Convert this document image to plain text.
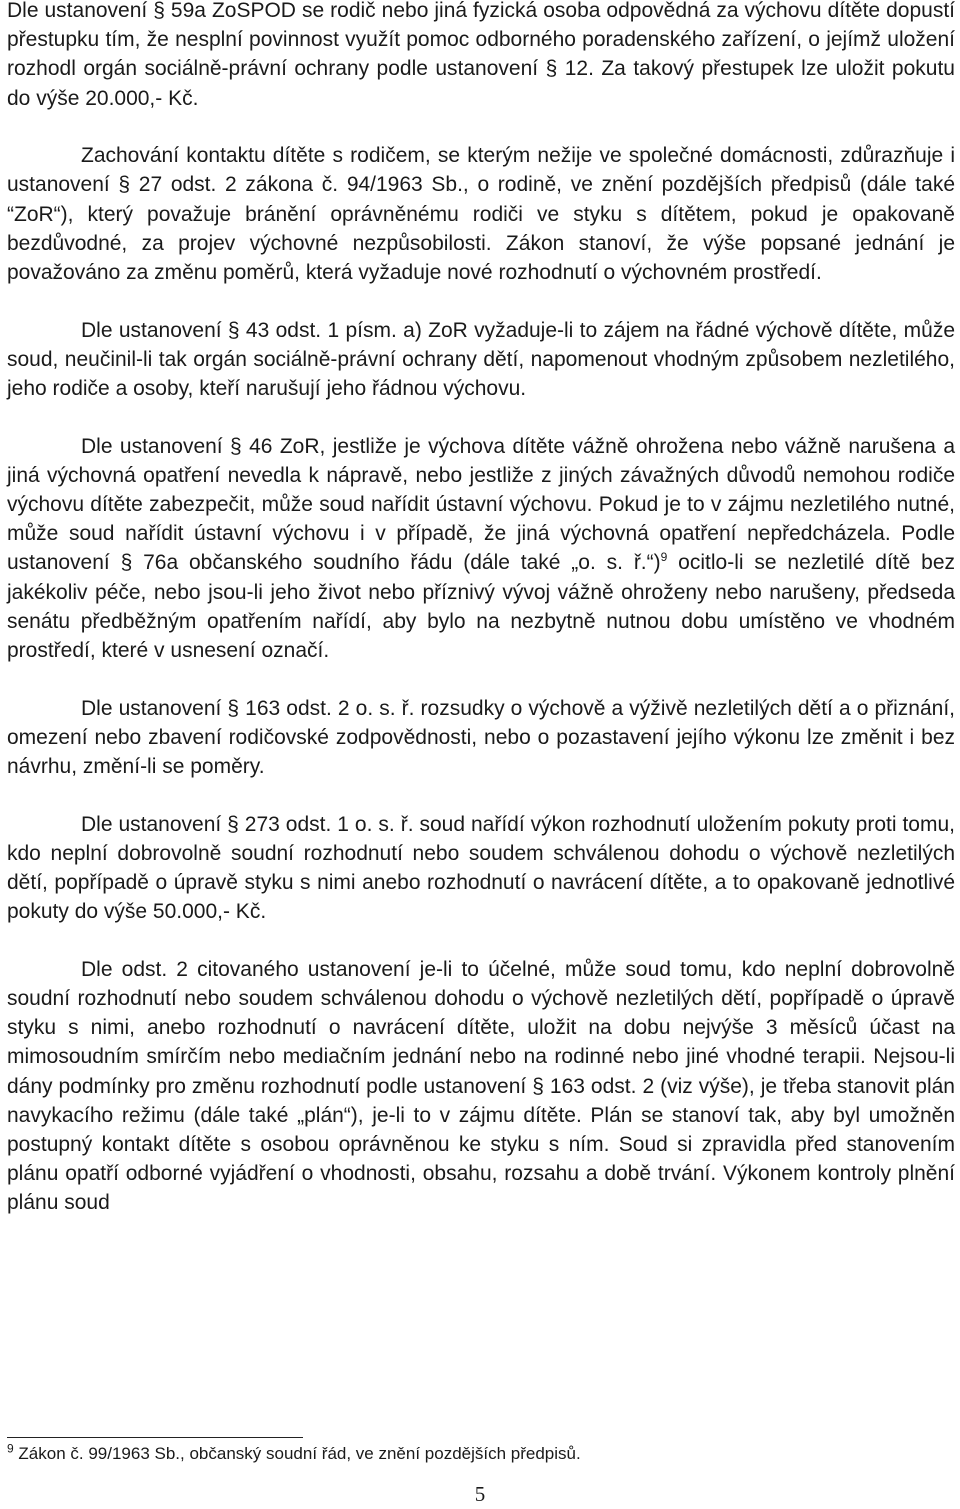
Dle ustanovení § 59a ZoSPOD se rodič nebo jiná fyzická osoba odpovědná za výchovu dítěte dopustí přestupku tím, že nesplní povinnost využít pomoc odborného poradenského zařízení, o jejímž uložení rozhodl orgán sociálně-právní ochrany podle ustanovení § 12. Za takový přestupek lze uložit pokutu do výše 20.000,- Kč.

Zachování kontaktu dítěte s rodičem, se kterým nežije ve společné domácnosti, zdůrazňuje i ustanovení § 27 odst. 2 zákona č. 94/1963 Sb., o rodině, ve znění pozdějších předpisů (dále také “ZoR“), který považuje bránění oprávněnému rodiči ve styku s dítětem, pokud je opakovaně bezdůvodné, za projev výchovné nezpůsobilosti. Zákon stanoví, že výše popsané jednání je považováno za změnu poměrů, která vyžaduje nové rozhodnutí o výchovném prostředí.

Dle ustanovení § 43 odst. 1 písm. a) ZoR vyžaduje-li to zájem na řádné výchově dítěte, může soud, neučinil-li tak orgán sociálně-právní ochrany dětí, napomenout vhodným způsobem nezletilého, jeho rodiče a osoby, kteří narušují jeho řádnou výchovu.

Dle ustanovení § 46 ZoR, jestliže je výchova dítěte vážně ohrožena nebo vážně narušena a jiná výchovná opatření nevedla k nápravě, nebo jestliže z jiných závažných důvodů nemohou rodiče výchovu dítěte zabezpečit, může soud nařídit ústavní výchovu. Pokud je to v zájmu nezletilého nutné, může soud nařídit ústavní výchovu i v případě, že jiná výchovná opatření nepředcházela. Podle ustanovení § 76a občanského soudního řádu (dále také „o. s. ř.“)$^9$ ocitlo-li se nezletilé dítě bez jakékoliv péče, nebo jsou-li jeho život nebo příznivý vývoj vážně ohroženy nebo narušeny, předseda senátu předběžným opatřením nařídí, aby bylo na nezbytně nutnou dobu umístěno ve vhodném prostředí, které v usnesení označí.

Dle ustanovení § 163 odst. 2 o. s. ř. rozsudky o výchově a výživě nezletilých dětí a o přiznání, omezení nebo zbavení rodičovské zodpovědnosti, nebo o pozastavení jejího výkonu lze změnit i bez návrhu, změní-li se poměry.

Dle ustanovení § 273 odst. 1 o. s. ř. soud nařídí výkon rozhodnutí uložením pokuty proti tomu, kdo neplní dobrovolně soudní rozhodnutí nebo soudem schválenou dohodu o výchově nezletilých dětí, popřípadě o úpravě styku s nimi anebo rozhodnutí o navrácení dítěte, a to opakovaně jednotlivé pokuty do výše 50.000,- Kč.

Dle odst. 2 citovaného ustanovení je-li to účelné, může soud tomu, kdo neplní dobrovolně soudní rozhodnutí nebo soudem schválenou dohodu o výchově nezletilých dětí, popřípadě o úpravě styku s nimi, anebo rozhodnutí o navrácení dítěte, uložit na dobu nejvýše 3 měsíců účast na mimosoudním smírčím nebo mediačním jednání nebo na rodinné nebo jiné vhodné terapii. Nejsou-li dány podmínky pro změnu rozhodnutí podle ustanovení § 163 odst. 2 (viz výše), je třeba stanovit plán navykacího režimu (dále také „plán“), je-li to v zájmu dítěte. Plán se stanoví tak, aby byl umožněn postupný kontakt dítěte s osobou oprávněnou ke styku s ním. Soud si zpravidla před stanovením plánu opatří odborné vyjádření o vhodnosti, obsahu, rozsahu a době trvání. Výkonem kontroly plnění plánu soud

$^9$ Zákon č. 99/1963 Sb., občanský soudní řád, ve znění pozdějších předpisů.
5
